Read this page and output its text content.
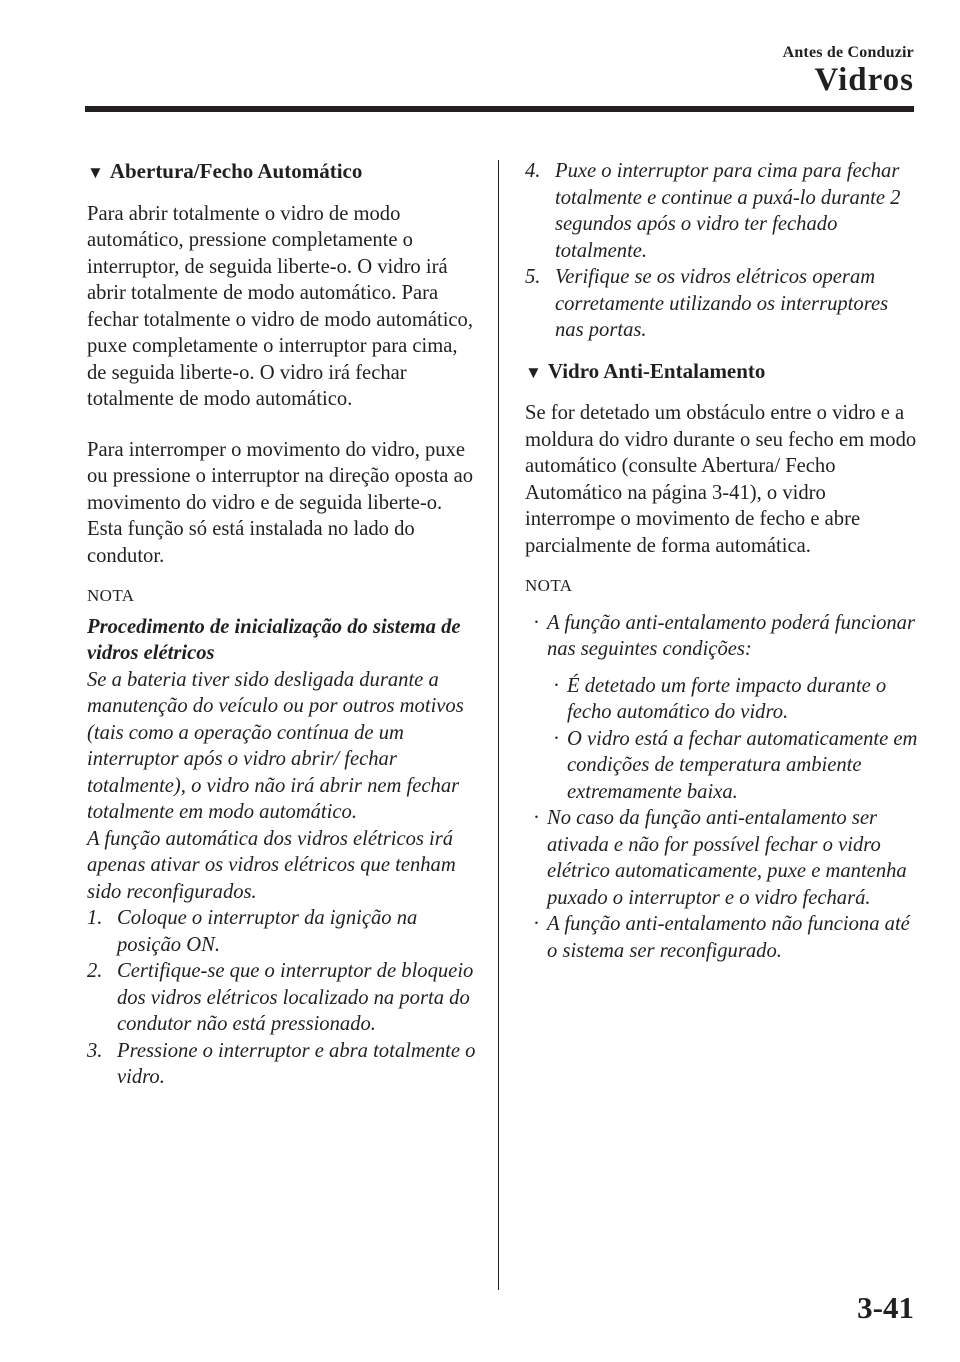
Antes de Conduzir
Vidros
▼ Abertura/Fecho Automático
Para abrir totalmente o vidro de modo automático, pressione completamente o interruptor, de seguida liberte-o. O vidro irá abrir totalmente de modo automático. Para fechar totalmente o vidro de modo automático, puxe completamente o interruptor para cima, de seguida liberte-o. O vidro irá fechar totalmente de modo automático.
Para interromper o movimento do vidro, puxe ou pressione o interruptor na direção oposta ao movimento do vidro e de seguida liberte-o.
Esta função só está instalada no lado do condutor.
NOTA
Procedimento de inicialização do sistema de vidros elétricos
Se a bateria tiver sido desligada durante a manutenção do veículo ou por outros motivos (tais como a operação contínua de um interruptor após o vidro abrir/ fechar totalmente), o vidro não irá abrir nem fechar totalmente em modo automático.
A função automática dos vidros elétricos irá apenas ativar os vidros elétricos que tenham sido reconfigurados.
1. Coloque o interruptor da ignição na posição ON.
2. Certifique-se que o interruptor de bloqueio dos vidros elétricos localizado na porta do condutor não está pressionado.
3. Pressione o interruptor e abra totalmente o vidro.
4. Puxe o interruptor para cima para fechar totalmente e continue a puxá-lo durante 2 segundos após o vidro ter fechado totalmente.
5. Verifique se os vidros elétricos operam corretamente utilizando os interruptores nas portas.
▼ Vidro Anti-Entalamento
Se for detetado um obstáculo entre o vidro e a moldura do vidro durante o seu fecho em modo automático (consulte Abertura/ Fecho Automático na página 3-41), o vidro interrompe o movimento de fecho e abre parcialmente de forma automática.
NOTA
· A função anti-entalamento poderá funcionar nas seguintes condições:
· É detetado um forte impacto durante o fecho automático do vidro.
· O vidro está a fechar automaticamente em condições de temperatura ambiente extremamente baixa.
· No caso da função anti-entalamento ser ativada e não for possível fechar o vidro elétrico automaticamente, puxe e mantenha puxado o interruptor e o vidro fechará.
· A função anti-entalamento não funciona até o sistema ser reconfigurado.
3-41
